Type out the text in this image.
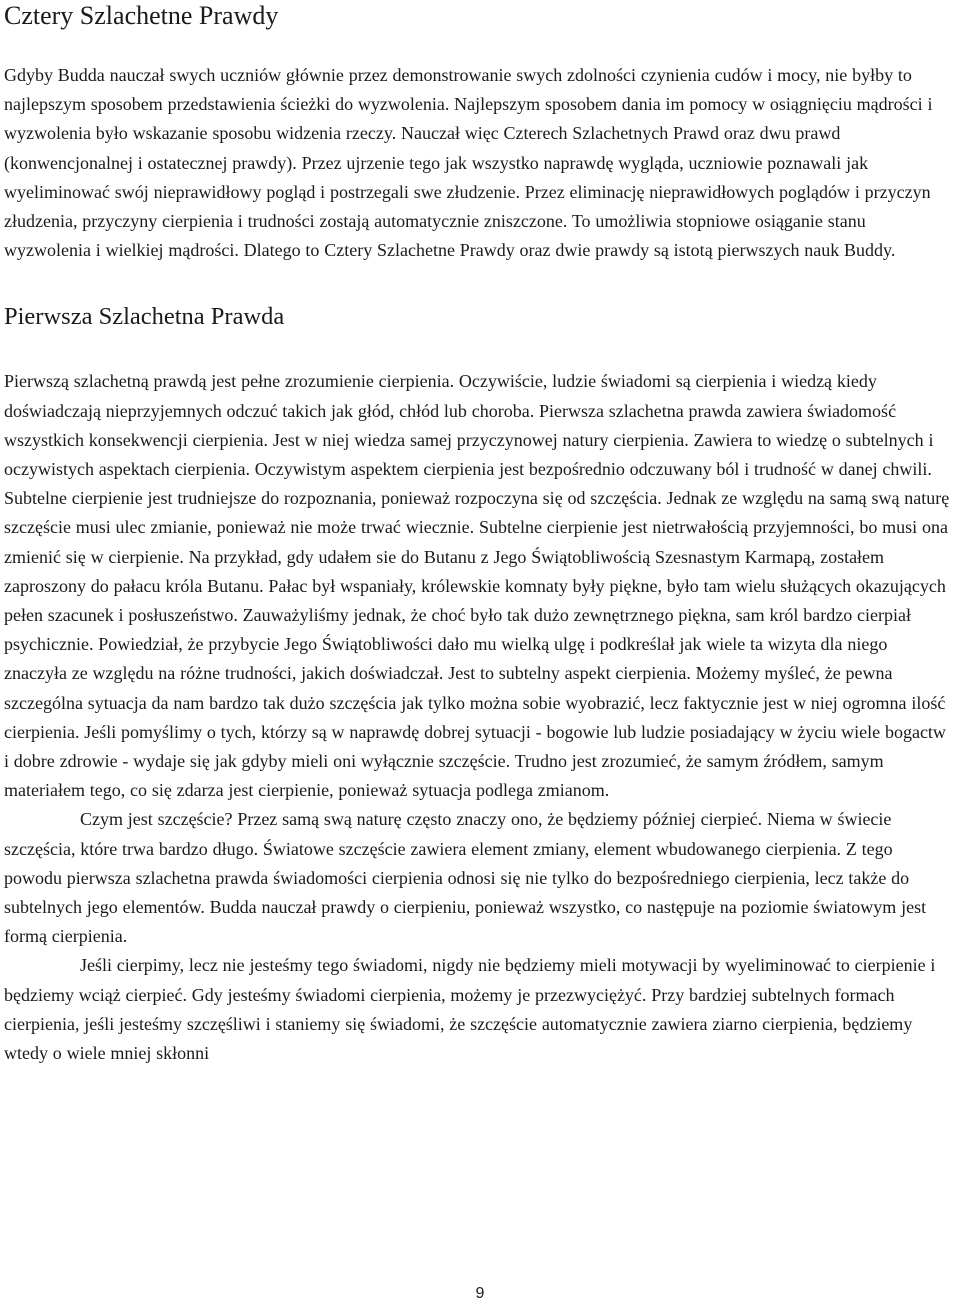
Cztery Szlachetne Prawdy

Gdyby Budda nauczał swych uczniów głównie przez demonstrowanie swych zdolności czynienia cudów i mocy, nie byłby to najlepszym sposobem przedstawienia ścieżki do wyzwolenia. Najlepszym sposobem dania im pomocy w osiągnięciu mądrości i wyzwolenia było wskazanie sposobu widzenia rzeczy. Nauczał więc Czterech Szlachetnych Prawd oraz dwu prawd (konwencjonalnej i ostatecznej prawdy). Przez ujrzenie tego jak wszystko naprawdę wygląda, uczniowie poznawali jak wyeliminować swój nieprawidłowy pogląd i postrzegali swe złudzenie. Przez eliminację nieprawidłowych poglądów i przyczyn złudzenia, przyczyny cierpienia i trudności zostają automatycznie zniszczone. To umożliwia stopniowe osiąganie stanu wyzwolenia i wielkiej mądrości. Dlatego to Cztery Szlachetne Prawdy oraz dwie prawdy są istotą pierwszych nauk Buddy.

Pierwsza Szlachetna Prawda

Pierwszą szlachetną prawdą jest pełne zrozumienie cierpienia. Oczywiście, ludzie świadomi są cierpienia i wiedzą kiedy doświadczają nieprzyjemnych odczuć takich jak głód, chłód lub choroba. Pierwsza szlachetna prawda zawiera świadomość wszystkich konsekwencji cierpienia. Jest w niej wiedza samej przyczynowej natury cierpienia. Zawiera to wiedzę o subtelnych i oczywistych aspektach cierpienia. Oczywistym aspektem cierpienia jest bezpośrednio odczuwany ból i trudność w danej chwili. Subtelne cierpienie jest trudniejsze do rozpoznania, ponieważ rozpoczyna się od szczęścia. Jednak ze względu na samą swą naturę szczęście musi ulec zmianie, ponieważ nie może trwać wiecznie. Subtelne cierpienie jest nietrwałością przyjemności, bo musi ona zmienić się w cierpienie. Na przykład, gdy udałem sie do Butanu z Jego Świątobliwością Szesnastym Karmapą, zostałem zaproszony do pałacu króla Butanu. Pałac był wspaniały, królewskie komnaty były piękne, było tam wielu służących okazujących pełen szacunek i posłuszeństwo. Zauważyliśmy jednak, że choć było tak dużo zewnętrznego piękna, sam król bardzo cierpiał psychicznie. Powiedział, że przybycie Jego Świątobliwości dało mu wielką ulgę i podkreślał jak wiele ta wizyta dla niego znaczyła ze względu na różne trudności, jakich doświadczał. Jest to subtelny aspekt cierpienia. Możemy myśleć, że pewna szczególna sytuacja da nam bardzo tak dużo szczęścia jak tylko można sobie wyobrazić, lecz faktycznie jest w niej ogromna ilość cierpienia. Jeśli pomyślimy o tych, którzy są w naprawdę dobrej sytuacji - bogowie lub ludzie posiadający w życiu wiele bogactw i dobre zdrowie - wydaje się jak gdyby mieli oni wyłącznie szczęście. Trudno jest zrozumieć, że samym źródłem, samym materiałem tego, co się zdarza jest cierpienie, ponieważ sytuacja podlega zmianom.

Czym jest szczęście? Przez samą swą naturę często znaczy ono, że będziemy później cierpieć. Niema w świecie szczęścia, które trwa bardzo długo. Światowe szczęście zawiera element zmiany, element wbudowanego cierpienia. Z tego powodu pierwsza szlachetna prawda świadomości cierpienia odnosi się nie tylko do bezpośredniego cierpienia, lecz także do subtelnych jego elementów. Budda nauczał prawdy o cierpieniu, ponieważ wszystko, co następuje na poziomie światowym jest formą cierpienia.

Jeśli cierpimy, lecz nie jesteśmy tego świadomi, nigdy nie będziemy mieli motywacji by wyeliminować to cierpienie i będziemy wciąż cierpieć. Gdy jesteśmy świadomi cierpienia, możemy je przezwyciężyć. Przy bardziej subtelnych formach cierpienia, jeśli jesteśmy szczęśliwi i staniemy się świadomi, że szczęście automatycznie zawiera ziarno cierpienia, będziemy wtedy o wiele mniej skłonni

9
